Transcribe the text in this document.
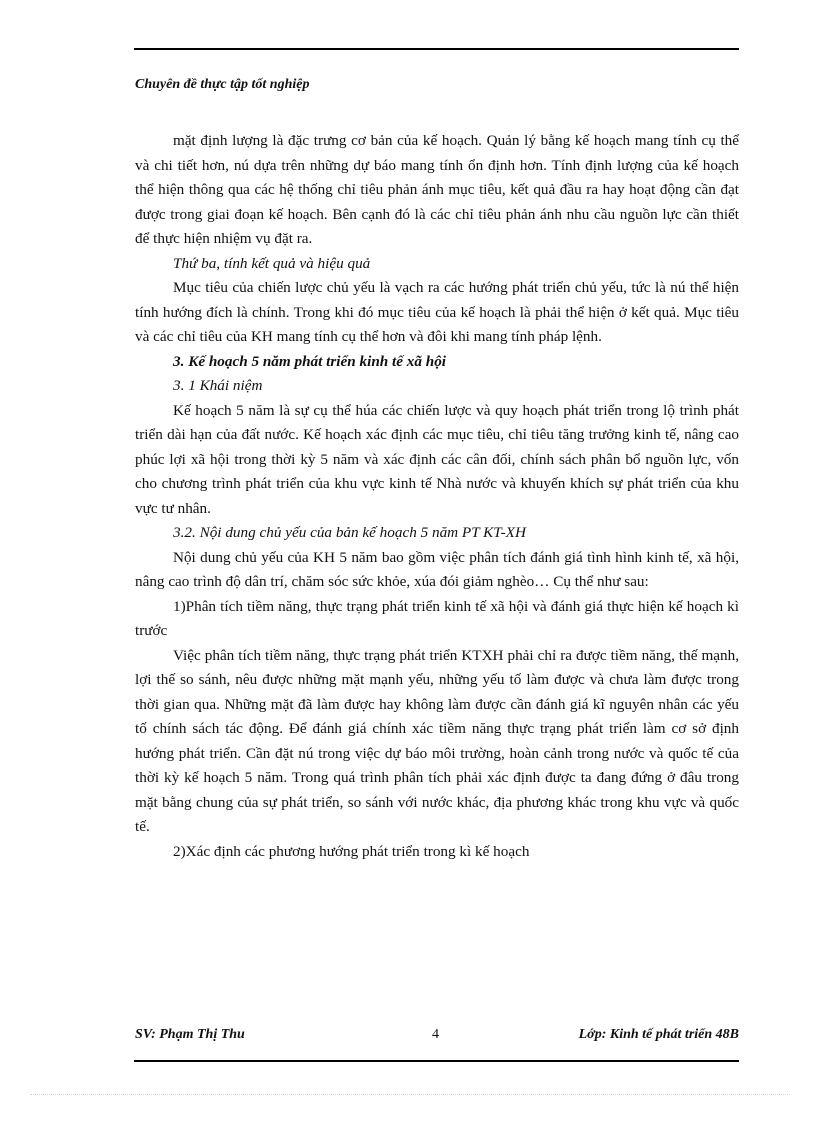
Chuyên đề thực tập tốt nghiệp

mặt định lượng là đặc trưng cơ bản của kế hoạch. Quản lý bằng kế hoạch mang tính cụ thể và chi tiết hơn, nú dựa trên những dự báo mang tính ổn định hơn. Tính định lượng của kế hoạch thể hiện thông qua các hệ thống chỉ tiêu phản ánh mục tiêu, kết quả đầu ra hay hoạt động cần đạt được trong giai đoạn kế hoạch. Bên cạnh đó là các chỉ tiêu phản ánh nhu cầu nguồn lực cần thiết để thực hiện nhiệm vụ đặt ra.

Thứ ba, tính kết quả và hiệu quả

Mục tiêu của chiến lược chủ yếu là vạch ra các hướng phát triển chủ yếu, tức là nú thể hiện tính hướng đích là chính. Trong khi đó mục tiêu của kế hoạch là phải thể hiện ở kết quả. Mục tiêu và các chỉ tiêu của KH mang tính cụ thể hơn và đôi khi mang tính pháp lệnh.

3. Kế hoạch 5 năm phát triển kinh tế xã hội

3. 1 Khái niệm

Kế hoạch 5 năm là sự cụ thể húa các chiến lược và quy hoạch phát triển trong lộ trình phát triển dài hạn của đất nước. Kế hoạch xác định các mục tiêu, chỉ tiêu tăng trưởng kinh tế, nâng cao phúc lợi xã hội trong thời kỳ 5 năm và xác định các cân đối, chính sách phân bổ nguồn lực, vốn cho chương trình phát triển của khu vực kinh tế Nhà nước và khuyến khích sự phát triển của khu vực tư nhân.

3.2. Nội dung chủ yếu của bản kế hoạch 5 năm PT KT-XH

Nội dung chủ yếu của KH 5 năm bao gồm việc phân tích đánh giá tình hình kinh tế, xã hội, nâng cao trình độ dân trí, chăm sóc sức khỏe, xúa đói giảm nghèo… Cụ thể như sau:

1)Phân tích tiềm năng, thực trạng phát triển kinh tế xã hội và đánh giá thực hiện kế hoạch kì trước

Việc phân tích tiềm năng, thực trạng phát triển KTXH phải chỉ ra được tiềm năng, thế mạnh, lợi thế so sánh, nêu được những mặt mạnh yếu, những yếu tố làm được và chưa làm được trong thời gian qua. Những mặt đã làm được hay không làm được cần đánh giá kĩ nguyên nhân các yếu tố chính sách tác động. Để đánh giá chính xác tiềm năng thực trạng phát triển làm cơ sở định hướng phát triển. Cần đặt nú trong việc dự báo môi trường, hoàn cảnh trong nước và quốc tế của thời kỳ kế hoạch 5 năm. Trong quá trình phân tích phải xác định được ta đang đứng ở đâu trong mặt bằng chung của sự phát triển, so sánh với nước khác, địa phương khác trong khu vực và quốc tế.

2)Xác định các phương hướng phát triển trong kì kế hoạch

SV: Phạm Thị Thu	4	Lớp: Kinh tế phát triển 48B
